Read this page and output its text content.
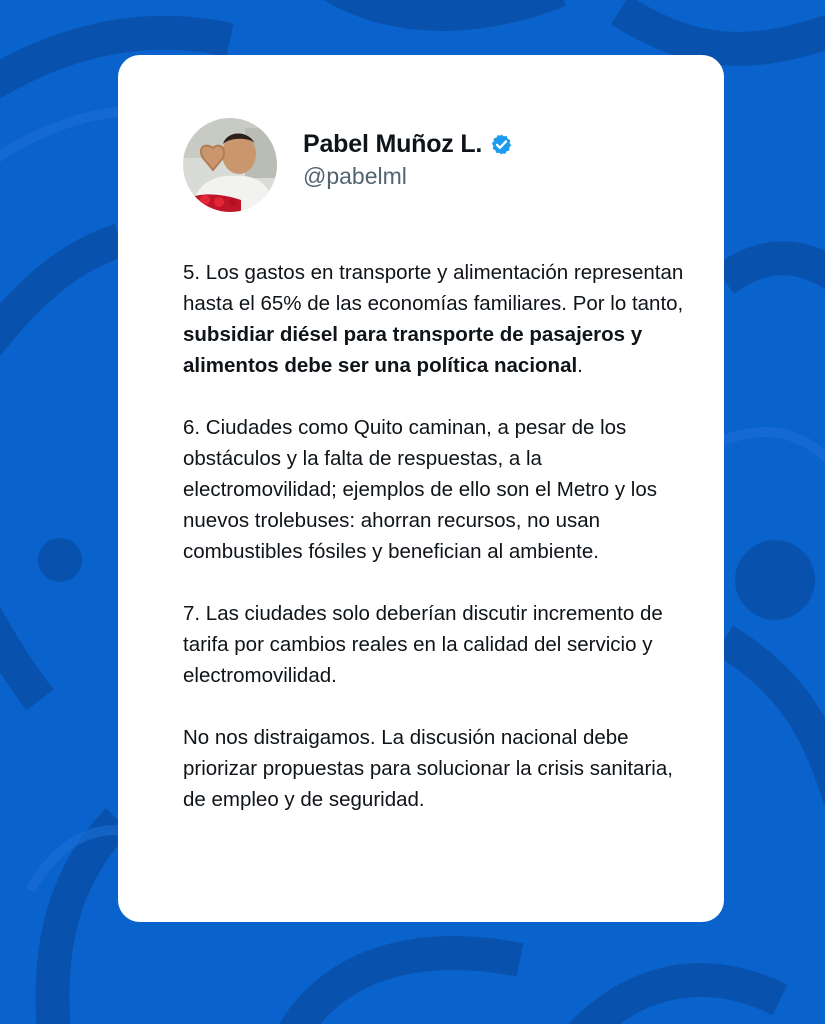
Pabel Muñoz L.
@pabelml

5. Los gastos en transporte y alimentación representan hasta el 65% de las economías familiares. Por lo tanto, subsidiar diésel para transporte de pasajeros y alimentos debe ser una política nacional.

6. Ciudades como Quito caminan, a pesar de los obstáculos y la falta de respuestas, a la electromovilidad; ejemplos de ello son el Metro y los nuevos trolebuses: ahorran recursos, no usan combustibles fósiles y benefician al ambiente.

7. Las ciudades solo deberían discutir incremento de tarifa por cambios reales en la calidad del servicio y electromovilidad.

No nos distraigamos. La discusión nacional debe priorizar propuestas para solucionar la crisis sanitaria, de empleo y de seguridad.
